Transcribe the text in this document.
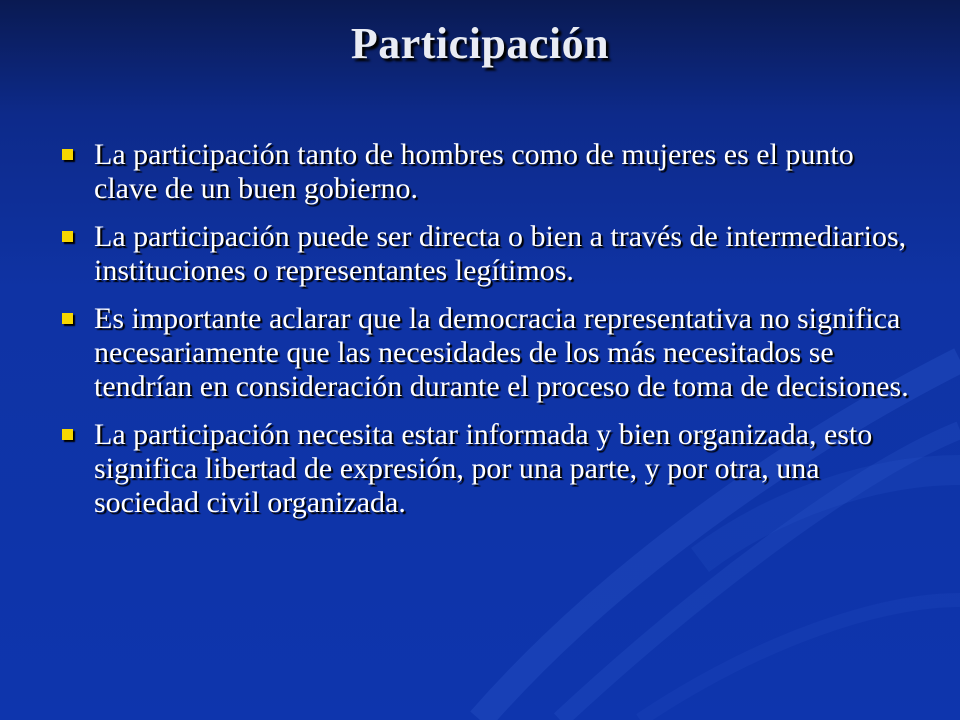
Participación
La participación tanto de hombres como de mujeres es el punto clave de un buen gobierno.
La participación puede ser directa o bien a través de intermediarios, instituciones o representantes legítimos.
Es importante aclarar que la democracia representativa no significa necesariamente que las necesidades de los más necesitados se tendrían en consideración durante el proceso de toma de decisiones.
La participación necesita estar informada y bien organizada, esto significa libertad de expresión, por una parte, y por otra, una sociedad civil organizada.
